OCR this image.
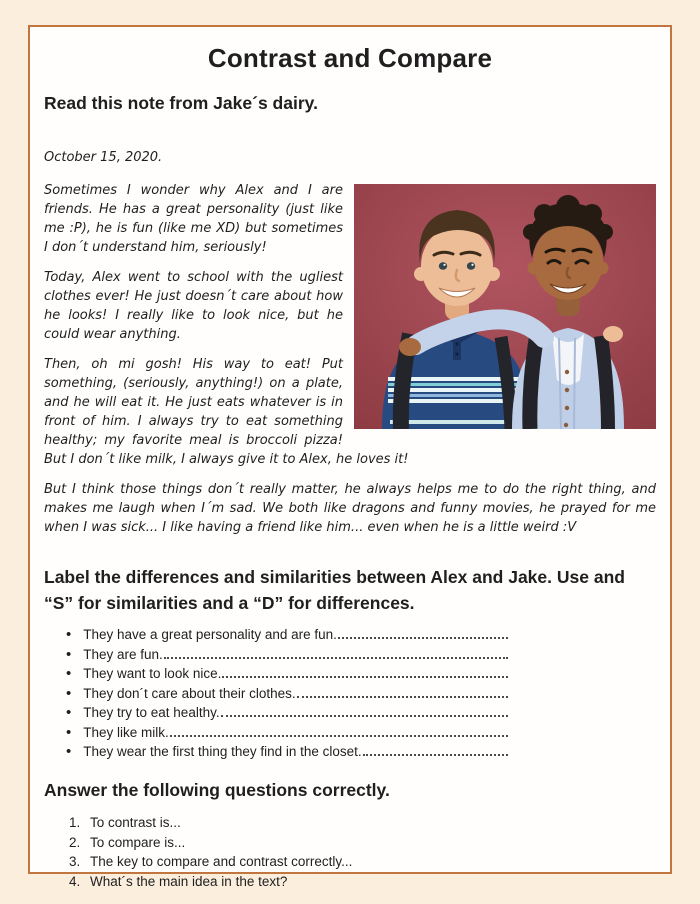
Contrast and Compare
Read this note from Jake´s dairy.

October 15, 2020.

Sometimes I wonder why Alex and I are friends. He has a great personality (just like me :P), he is fun (like me XD) but sometimes I don´t understand him, seriously!

Today, Alex went to school with the ugliest clothes ever! He just doesn´t care about how he looks! I really like to look nice, but he could wear anything.

Then, oh mi gosh! His way to eat! Put something, (seriously, anything!) on a plate, and he will eat it. He just eats whatever is in front of him. I always try to eat something healthy; my favorite meal is broccoli pizza! But I don´t like milk, I always give it to Alex, he loves it!

But I think those things don´t really matter, he always helps me to do the right thing, and makes me laugh when I´m sad. We both like dragons and funny movies, he prayed for me when I was sick... I like having a friend like him... even when he is a little weird :V

Label the differences and similarities between Alex and Jake. Use and “S” for similarities and a “D” for differences.
• They have a great personality and are fun.
• They are fun.
• They want to look nice.
• They don´t care about their clothes.
• They try to eat healthy.
• They like milk.
• They wear the first thing they find in the closet.
Answer the following questions correctly.
1. To contrast is...
2. To compare is...
3. The key to compare and contrast correctly...
4. What´s the main idea in the text?
